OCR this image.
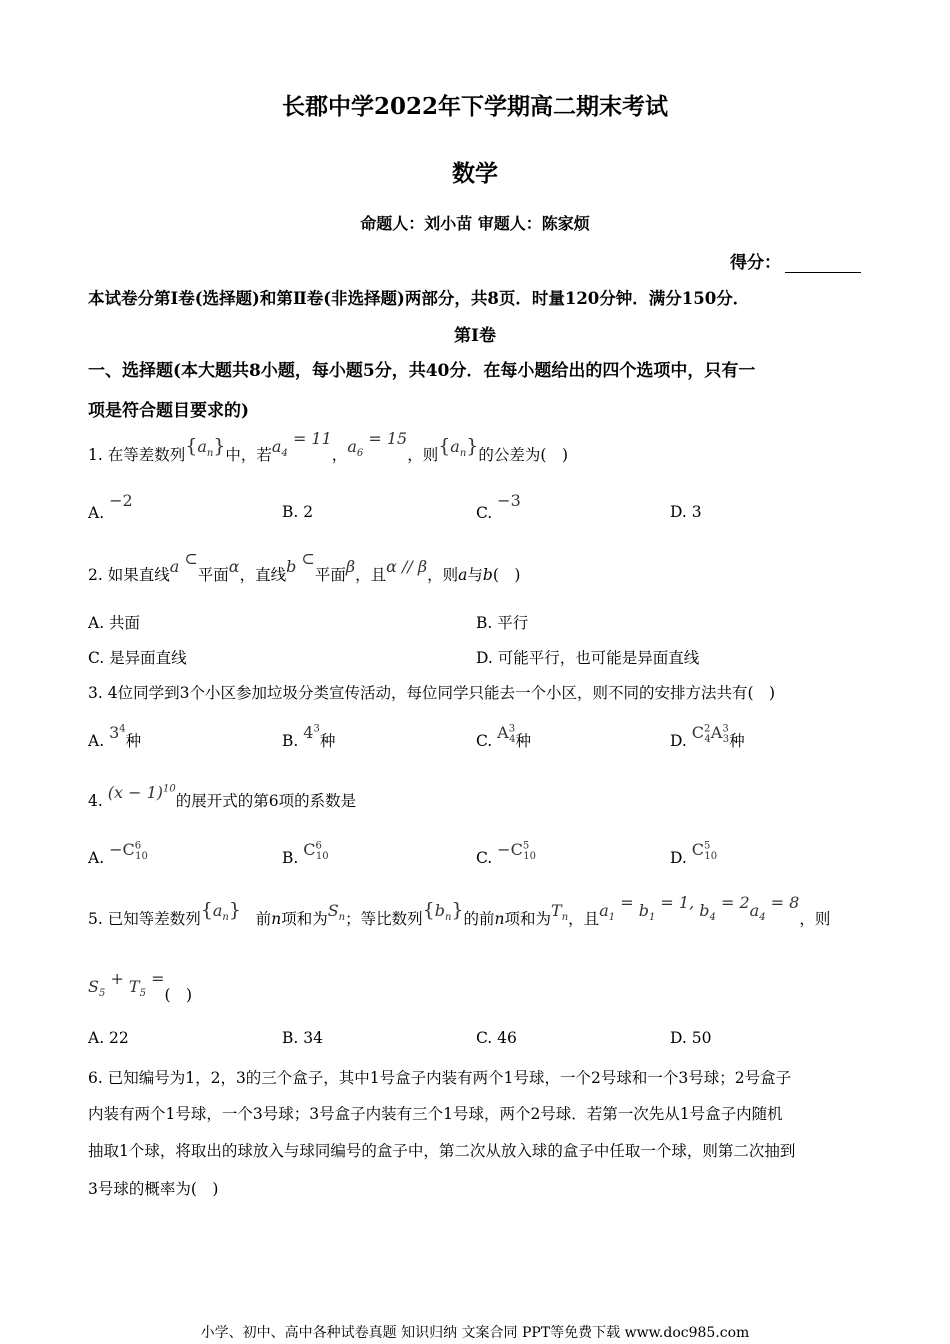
长郡中学2022年下学期高二期末考试
数学
命题人：刘小苗 审题人：陈家烦
得分：
本试卷分第Ⅰ卷(选择题)和第Ⅱ卷(非选择题)两部分，共8页．时量120分钟．满分150分．
第Ⅰ卷
一、选择题(本大题共8小题，每小题5分，共40分．在每小题给出的四个选项中，只有一
项是符合题目要求的)
1. 在等差数列$\{a_n\}$中，若$a_4 = 11$，$a_6 = 15$，则$\{a_n\}$的公差为(　)
A. −2
B. 2	C. −3
D. 3
2. 如果直线a ⊂平面α，直线b ⊂平面β，且α // β，则a与b(　)
A. 共面	B. 平行
C. 是异面直线	D. 可能平行，也可能是异面直线
3. 4位同学到3个小区参加垃圾分类宣传活动，每位同学只能去一个小区，则不同的安排方法共有(　)
A. $3^4$种	B. $4^3$种	C. $A^3_4$种	D. $C^2_4A^3_3$种
4. $(x - 1)^{10}$的展开式的第6项的系数是
A. $-C^6_{10}$	B. $C^6_{10}$	C. $-C^5_{10}$	D. $C^5_{10}$
5. 已知等差数列$\{a_n\}$ 前n项和为$S_n$；等比数列$\{b_n\}$的前n项和为$T_n$，且$a_1 = b_1 = 1$, $b_4 = 2a_4 = 8$，则
$S_5 + T_5$ =(　)
A. 22	B. 34	C. 46	D. 50
6. 已知编号为1，2，3的三个盒子，其中1号盒子内装有两个1号球，一个2号球和一个3号球；2号盒子
内装有两个1号球，一个3号球；3号盒子内装有三个1号球，两个2号球．若第一次先从1号盒子内随机
抽取1个球，将取出的球放入与球同编号的盒子中，第二次从放入球的盒子中任取一个球，则第二次抽到
3号球的概率为(　)
小学、初中、高中各种试卷真题 知识归纳 文案合同 PPT等免费下载 www.doc985.com
